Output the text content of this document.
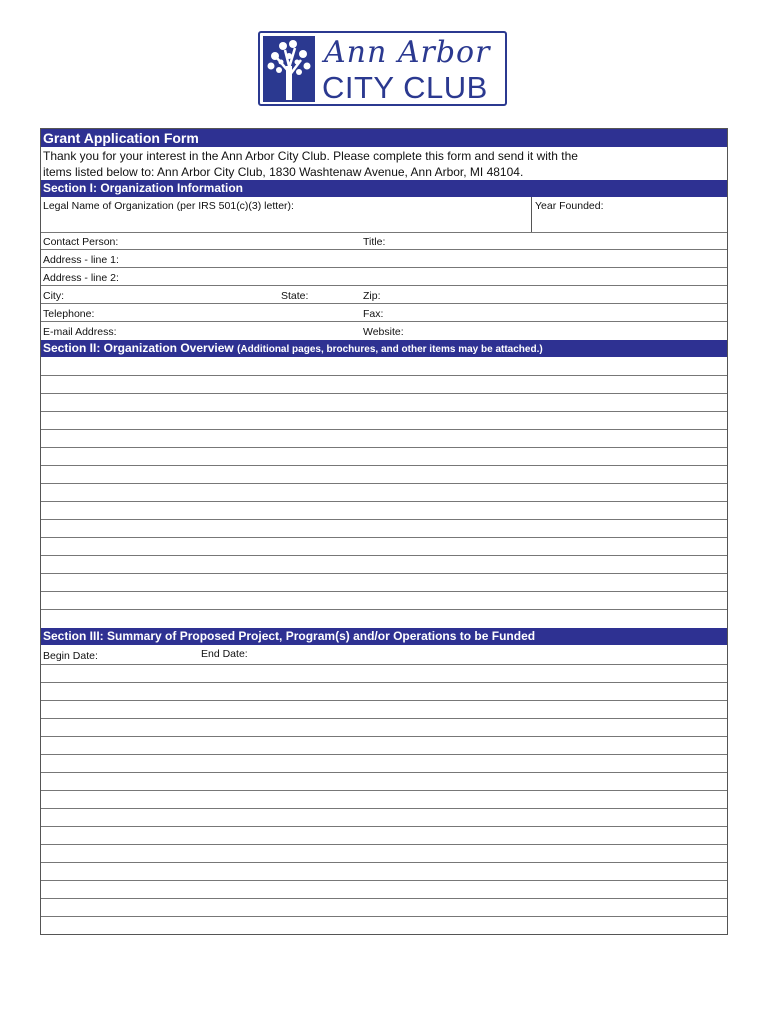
Ann Arbor
CITY CLUB
Grant Application Form
Thank you for your interest in the Ann Arbor City Club. Please complete this form and send it with the
items listed below to: Ann Arbor City Club, 1830 Washtenaw Avenue, Ann Arbor, MI 48104.
Section I: Organization Information
Legal Name of Organization (per IRS 501(c)(3) letter):	Year Founded:
Contact Person:	Title:
Address - line 1:
Address - line 2:
City:	State:	Zip:
Telephone:	Fax:
E-mail Address:	Website:
Section II: Organization Overview (Additional pages, brochures, and other items may be attached.)
Section III: Summary of Proposed Project, Program(s) and/or Operations to be Funded
Begin Date:	End Date:
